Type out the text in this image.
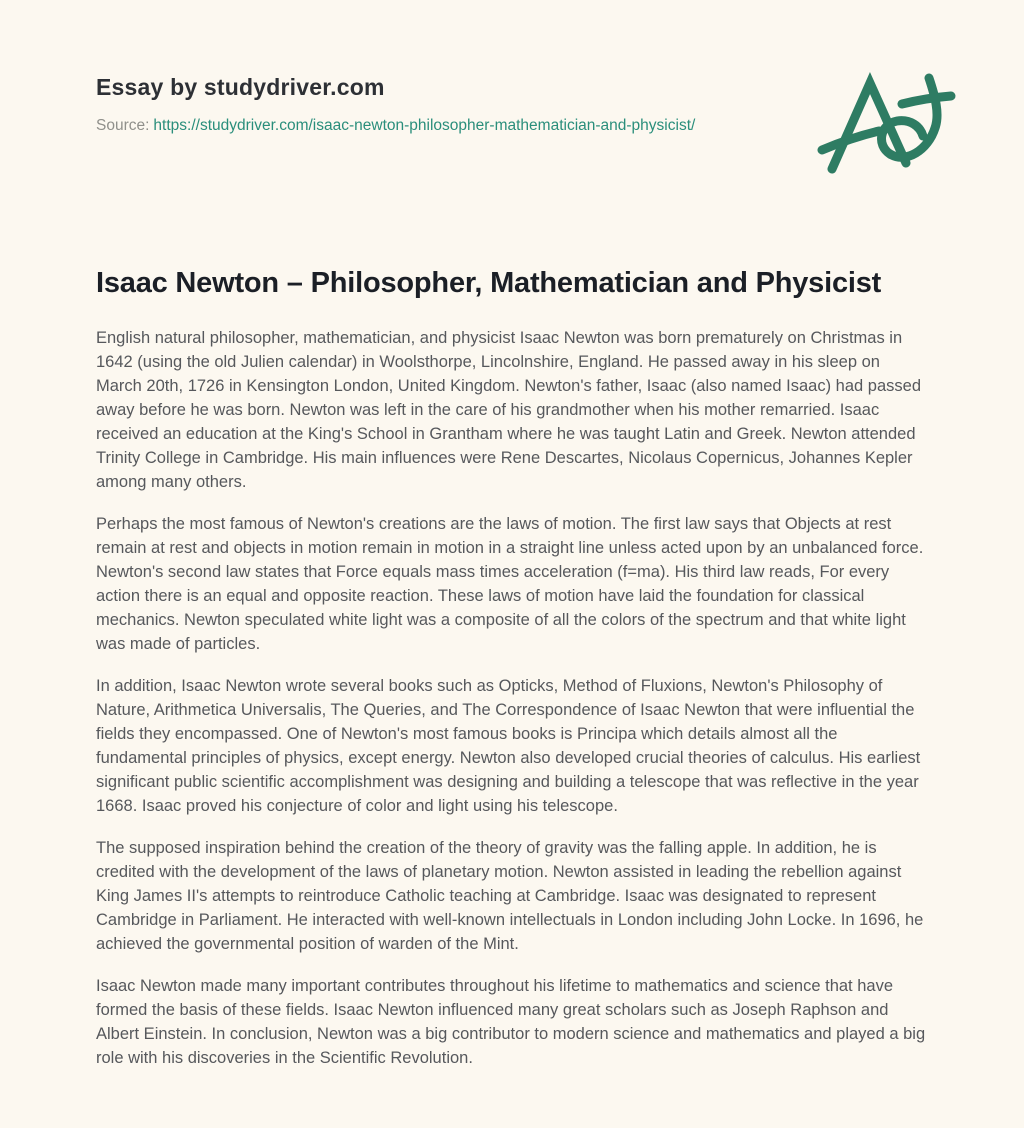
Essay by studydriver.com
Source: https://studydriver.com/isaac-newton-philosopher-mathematician-and-physicist/
Isaac Newton – Philosopher, Mathematician and Physicist

English natural philosopher, mathematician, and physicist Isaac Newton was born prematurely on Christmas in 1642 (using the old Julien calendar) in Woolsthorpe, Lincolnshire, England. He passed away in his sleep on March 20th, 1726 in Kensington London, United Kingdom. Newton's father, Isaac (also named Isaac) had passed away before he was born. Newton was left in the care of his grandmother when his mother remarried. Isaac received an education at the King's School in Grantham where he was taught Latin and Greek. Newton attended Trinity College in Cambridge. His main influences were Rene Descartes, Nicolaus Copernicus, Johannes Kepler among many others.

Perhaps the most famous of Newton's creations are the laws of motion. The first law says that Objects at rest remain at rest and objects in motion remain in motion in a straight line unless acted upon by an unbalanced force. Newton's second law states that Force equals mass times acceleration (f=ma). His third law reads, For every action there is an equal and opposite reaction. These laws of motion have laid the foundation for classical mechanics. Newton speculated white light was a composite of all the colors of the spectrum and that white light was made of particles.

In addition, Isaac Newton wrote several books such as Opticks, Method of Fluxions, Newton's Philosophy of Nature, Arithmetica Universalis, The Queries, and The Correspondence of Isaac Newton that were influential the fields they encompassed. One of Newton's most famous books is Principa which details almost all the fundamental principles of physics, except energy. Newton also developed crucial theories of calculus. His earliest significant public scientific accomplishment was designing and building a telescope that was reflective in the year 1668. Isaac proved his conjecture of color and light using his telescope.

The supposed inspiration behind the creation of the theory of gravity was the falling apple. In addition, he is credited with the development of the laws of planetary motion. Newton assisted in leading the rebellion against King James II's attempts to reintroduce Catholic teaching at Cambridge. Isaac was designated to represent Cambridge in Parliament. He interacted with well-known intellectuals in London including John Locke. In 1696, he achieved the governmental position of warden of the Mint.

Isaac Newton made many important contributes throughout his lifetime to mathematics and science that have formed the basis of these fields. Isaac Newton influenced many great scholars such as Joseph Raphson and Albert Einstein. In conclusion, Newton was a big contributor to modern science and mathematics and played a big role with his discoveries in the Scientific Revolution.
